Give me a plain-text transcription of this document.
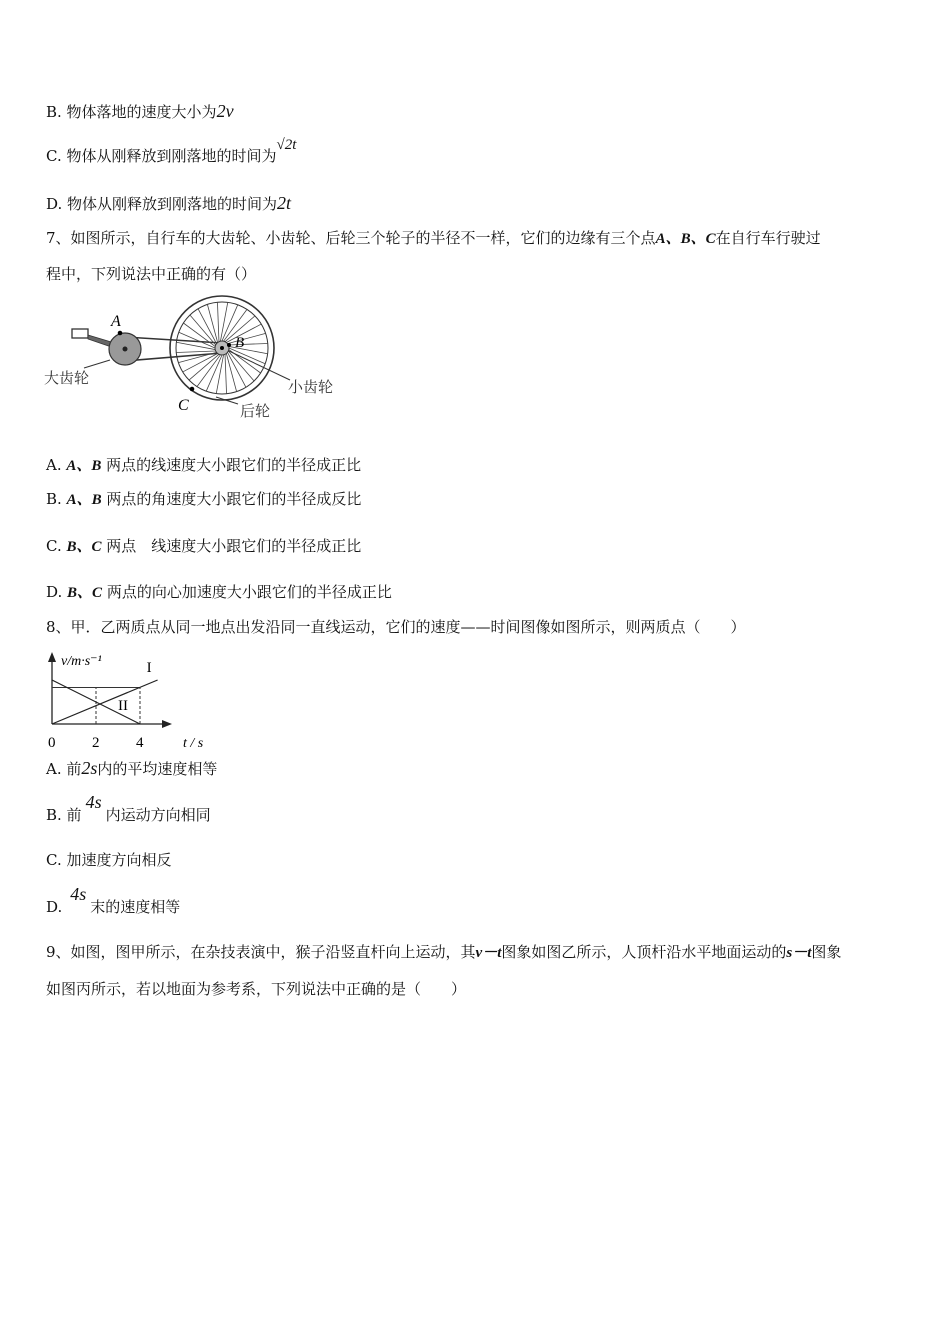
B. 物体落地的速度大小为2v
C. 物体从刚释放到刚落地的时间为√2t
D. 物体从刚释放到刚落地的时间为2t
7、如图所示，自行车的大齿轮、小齿轮、后轮三个轮子的半径不一样，它们的边缘有三个点A、B、C在自行车行驶过
程中，下列说法中正确的有（）
A
B
C
大齿轮	小齿轮
后轮
A. A、B 两点的线速度大小跟它们的半径成正比
B. A、B 两点的角速度大小跟它们的半径成反比
C. B、C 两点　线速度大小跟它们的半径成正比
D. B、C 两点的向心加速度大小跟它们的半径成正比
8、甲．乙两质点从同一地点出发沿同一直线运动，它们的速度——时间图像如图所示，则两质点（　　）
v/m·s⁻¹
t / s
0 2 4
I
II
A. 前2s内的平均速度相等
B. 前4s内运动方向相同
C. 加速度方向相反
D.4s末的速度相等
9、如图，图甲所示，在杂技表演中，猴子沿竖直杆向上运动，其v－t图象如图乙所示，人顶杆沿水平地面运动的s－t图象
如图丙所示，若以地面为参考系，下列说法中正确的是（　　）
